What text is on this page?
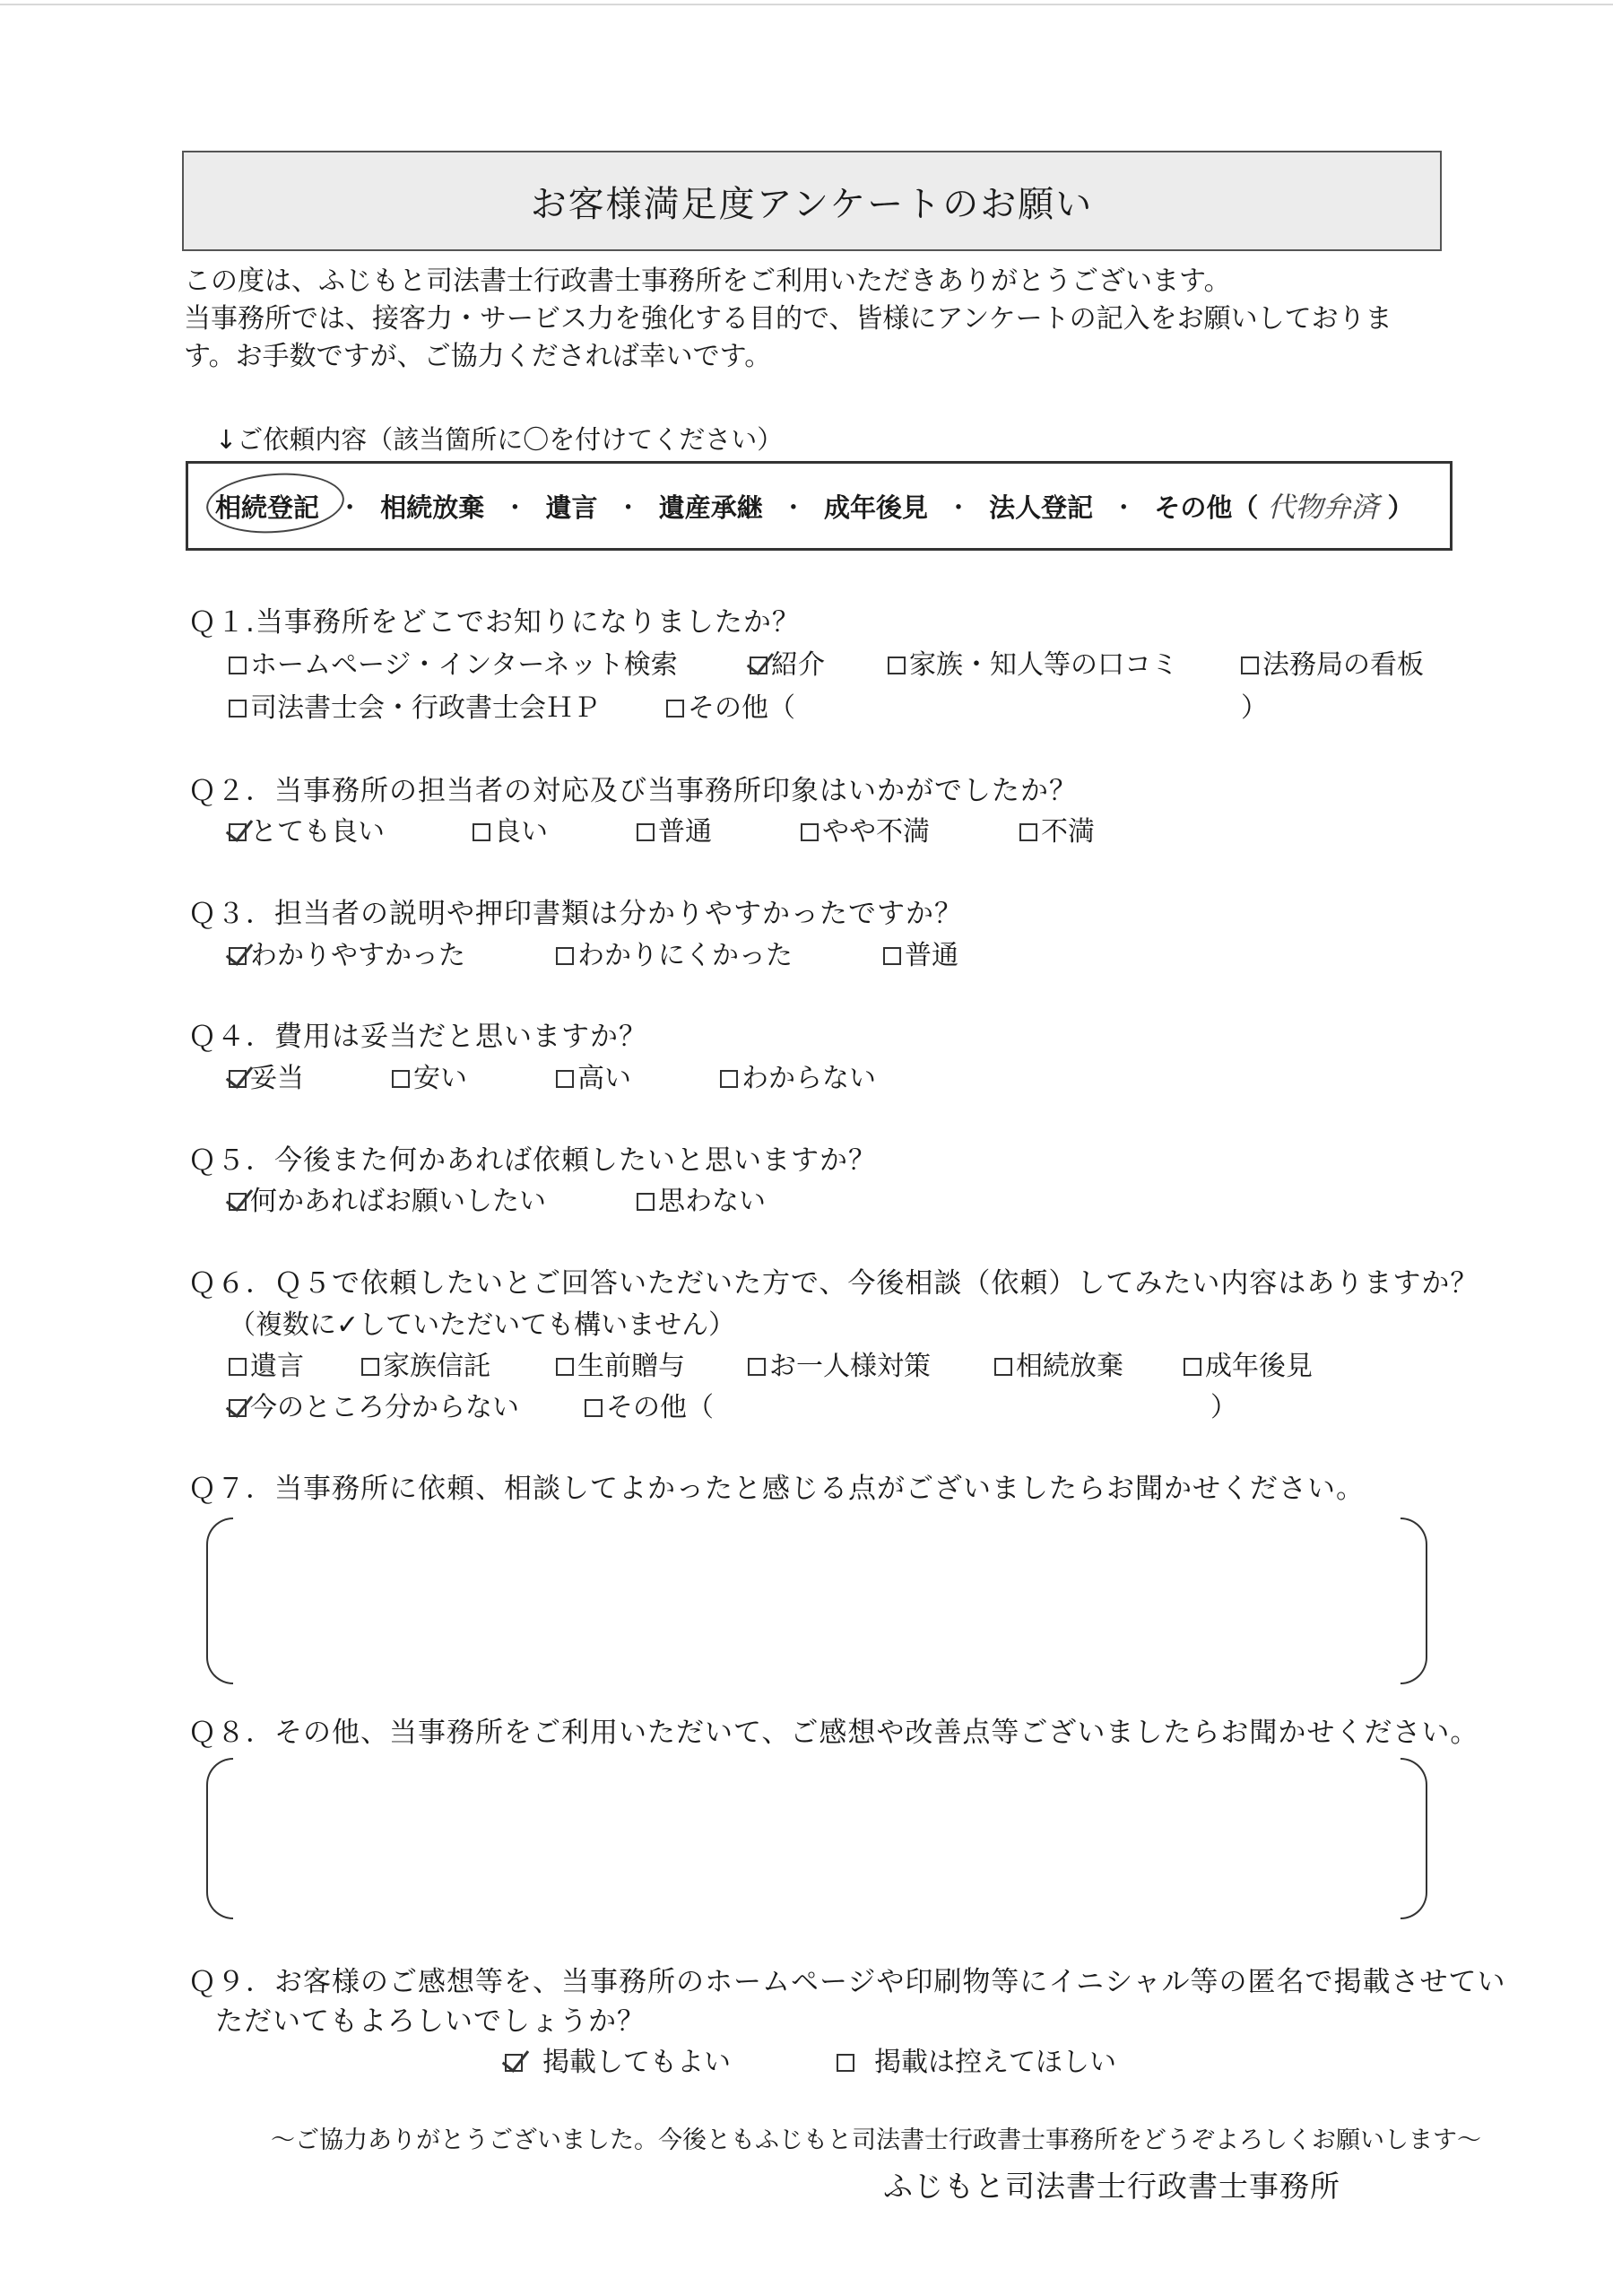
お客様満足度アンケートのお願い
この度は、ふじもと司法書士行政書士事務所をご利用いただきありがとうございます。
当事務所では、接客力・サービス力を強化する目的で、皆様にアンケートの記入をお願いしておりま
す。お手数ですが、ご協力くだされば幸いです。
↓ご依頼内容（該当箇所に〇を付けてください）
相続登記 ・ 相続放棄 ・ 遺言 ・ 遺産承継 ・ 成年後見 ・ 法人登記 ・ その他（ 代物弁済 ）
Ｑ１.当事務所をどこでお知りになりましたか？
ホームページ・インターネット検索	紹介	家族・知人等の口コミ	法務局の看板
司法書士会・行政書士会ＨＰ	その他（	）
Ｑ２．当事務所の担当者の対応及び当事務所印象はいかがでしたか？
とても良い	良い	普通	やや不満	不満
Ｑ３．担当者の説明や押印書類は分かりやすかったですか？
わかりやすかった	わかりにくかった	普通
Ｑ４．費用は妥当だと思いますか？
妥当	安い	高い	わからない
Ｑ５．今後また何かあれば依頼したいと思いますか？
何かあればお願いしたい	思わない
Ｑ６．Ｑ５で依頼したいとご回答いただいた方で、今後相談（依頼）してみたい内容はありますか？
（複数に✓していただいても構いません）
遺言	家族信託	生前贈与	お一人様対策	相続放棄	成年後見
今のところ分からない	その他（	）
Ｑ７．当事務所に依頼、相談してよかったと感じる点がございましたらお聞かせください。
Ｑ８．その他、当事務所をご利用いただいて、ご感想や改善点等ございましたらお聞かせください。
Ｑ９．お客様のご感想等を、当事務所のホームページや印刷物等にイニシャル等の匿名で掲載させてい
ただいてもよろしいでしょうか？
掲載してもよい	掲載は控えてほしい
～ご協力ありがとうございました。今後ともふじもと司法書士行政書士事務所をどうぞよろしくお願いします～
ふじもと司法書士行政書士事務所
